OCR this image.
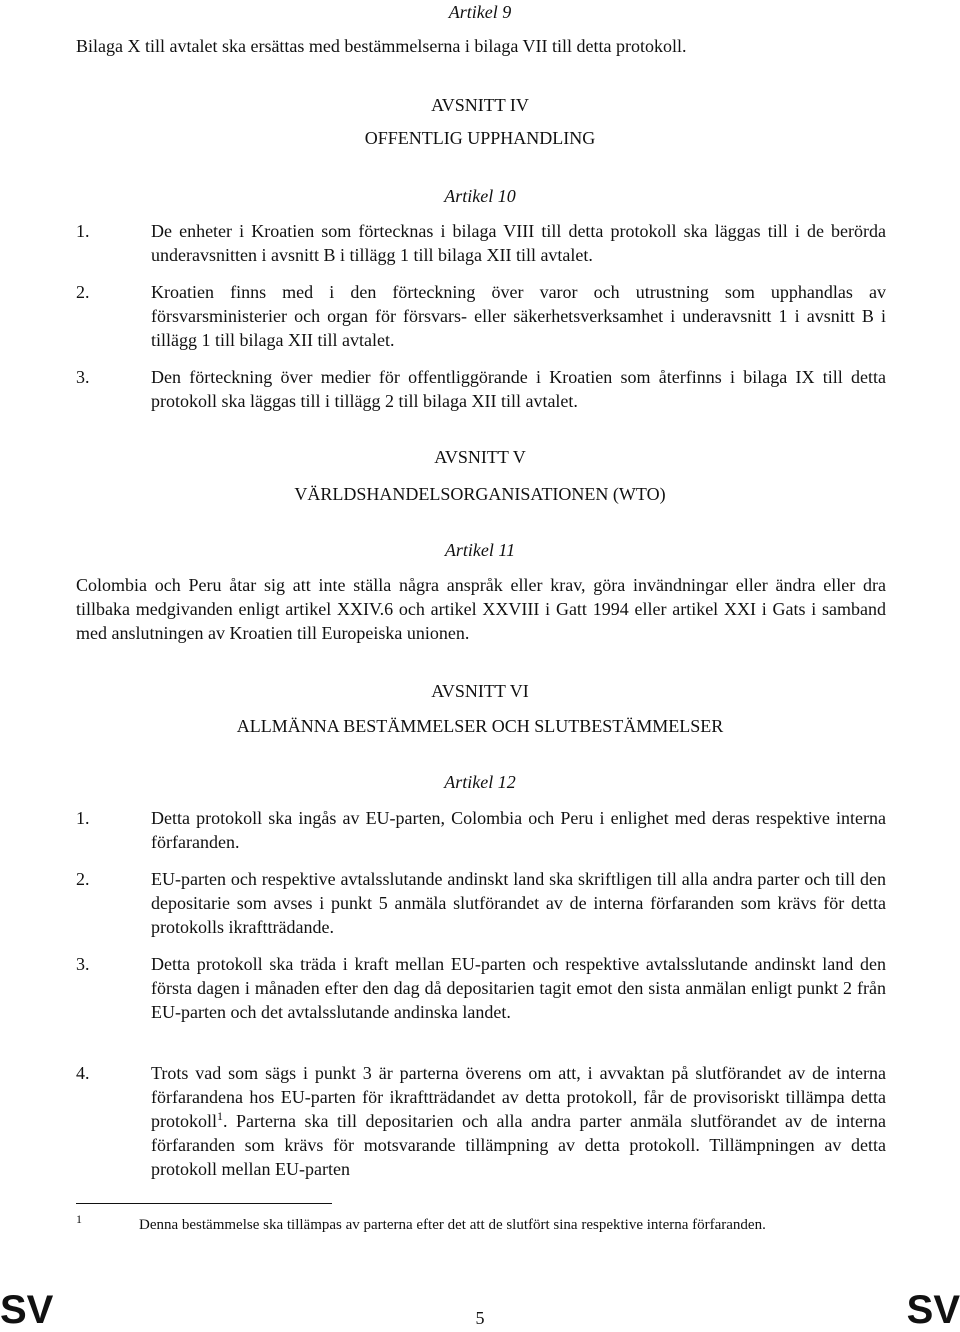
Artikel 9
Bilaga X till avtalet ska ersättas med bestämmelserna i bilaga VII till detta protokoll.
AVSNITT IV
OFFENTLIG UPPHANDLING
Artikel 10
1.	De enheter i Kroatien som förtecknas i bilaga VIII till detta protokoll ska läggas till i de berörda underavsnitten i avsnitt B i tillägg 1 till bilaga XII till avtalet.
2.	Kroatien finns med i den förteckning över varor och utrustning som upphandlas av försvarsministerier och organ för försvars- eller säkerhetsverksamhet i underavsnitt 1 i avsnitt B i tillägg 1 till bilaga XII till avtalet.
3.	Den förteckning över medier för offentliggörande i Kroatien som återfinns i bilaga IX till detta protokoll ska läggas till i tillägg 2 till bilaga XII till avtalet.
AVSNITT V
VÄRLDSHANDELSORGANISATIONEN (WTO)
Artikel 11
Colombia och Peru åtar sig att inte ställa några anspråk eller krav, göra invändningar eller ändra eller dra tillbaka medgivanden enligt artikel XXIV.6 och artikel XXVIII i Gatt 1994 eller artikel XXI i Gats i samband med anslutningen av Kroatien till Europeiska unionen.
AVSNITT VI
ALLMÄNNA BESTÄMMELSER OCH SLUTBESTÄMMELSER
Artikel 12
1.	Detta protokoll ska ingås av EU-parten, Colombia och Peru i enlighet med deras respektive interna förfaranden.
2.	EU-parten och respektive avtalsslutande andinskt land ska skriftligen till alla andra parter och till den depositarie som avses i punkt 5 anmäla slutförandet av de interna förfaranden som krävs för detta protokolls ikraftträdande.
3.	Detta protokoll ska träda i kraft mellan EU-parten och respektive avtalsslutande andinskt land den första dagen i månaden efter den dag då depositarien tagit emot den sista anmälan enligt punkt 2 från EU-parten och det avtalsslutande andinska landet.
4.	Trots vad som sägs i punkt 3 är parterna överens om att, i avvaktan på slutförandet av de interna förfarandena hos EU-parten för ikraftträdandet av detta protokoll, får de provisoriskt tillämpa detta protokoll$^1$. Parterna ska till depositarien och alla andra parter anmäla slutförandet av de interna förfaranden som krävs för motsvarande tillämpning av detta protokoll. Tillämpningen av detta protokoll mellan EU-parten
1	Denna bestämmelse ska tillämpas av parterna efter det att de slutfört sina respektive interna förfaranden.
SV	5	SV
